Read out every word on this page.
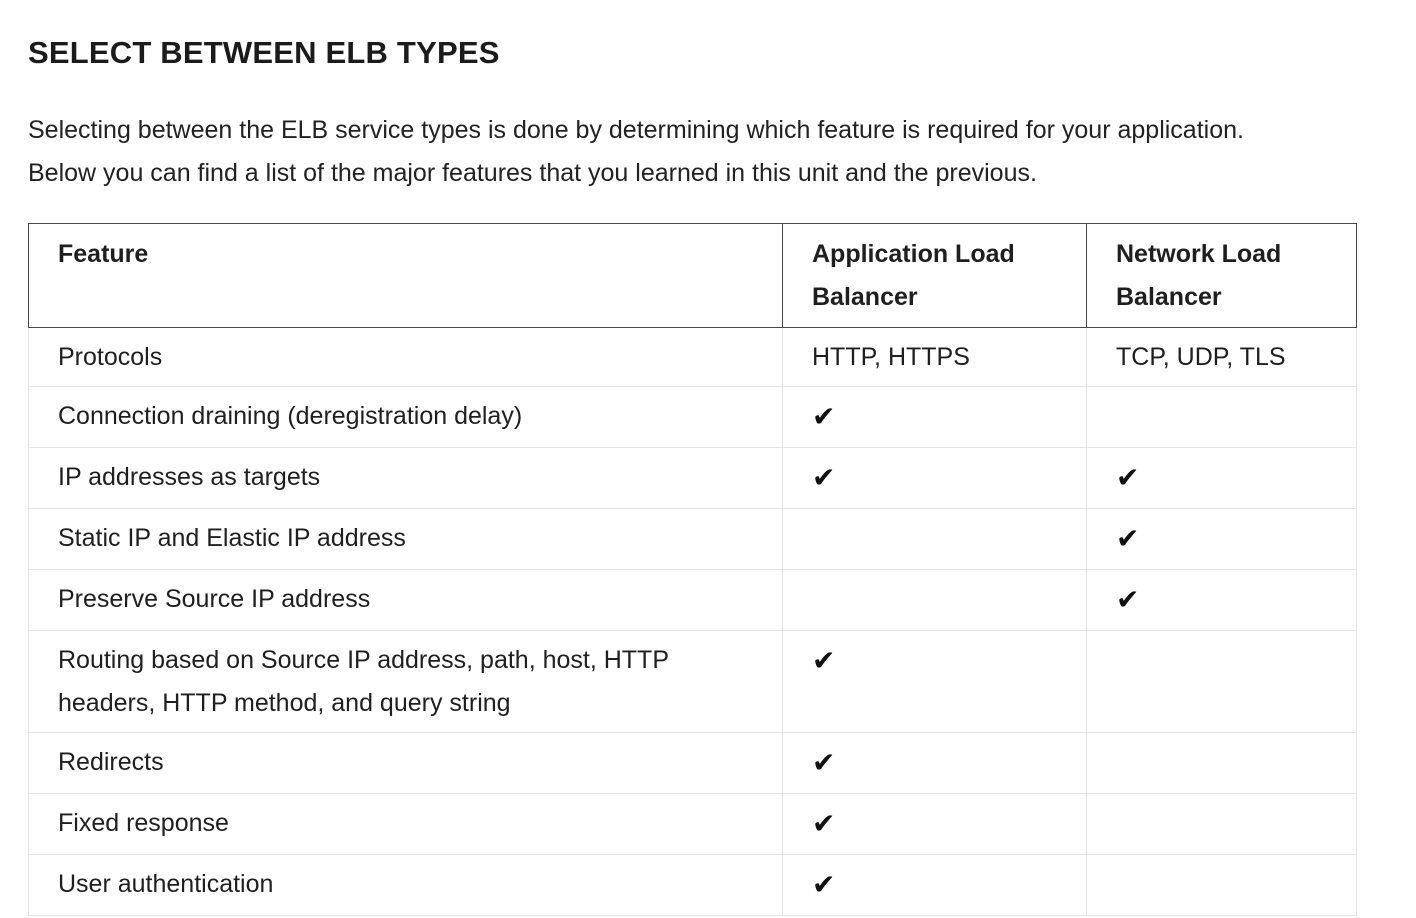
SELECT BETWEEN ELB TYPES

Selecting between the ELB service types is done by determining which feature is required for your application.
Below you can find a list of the major features that you learned in this unit and the previous.

Feature	Application Load Balancer	Network Load Balancer
Protocols	HTTP, HTTPS	TCP, UDP, TLS
Connection draining (deregistration delay)	✔	
IP addresses as targets	✔	✔
Static IP and Elastic IP address		✔
Preserve Source IP address		✔
Routing based on Source IP address, path, host, HTTP headers, HTTP method, and query string	✔	
Redirects	✔	
Fixed response	✔	
User authentication	✔	
